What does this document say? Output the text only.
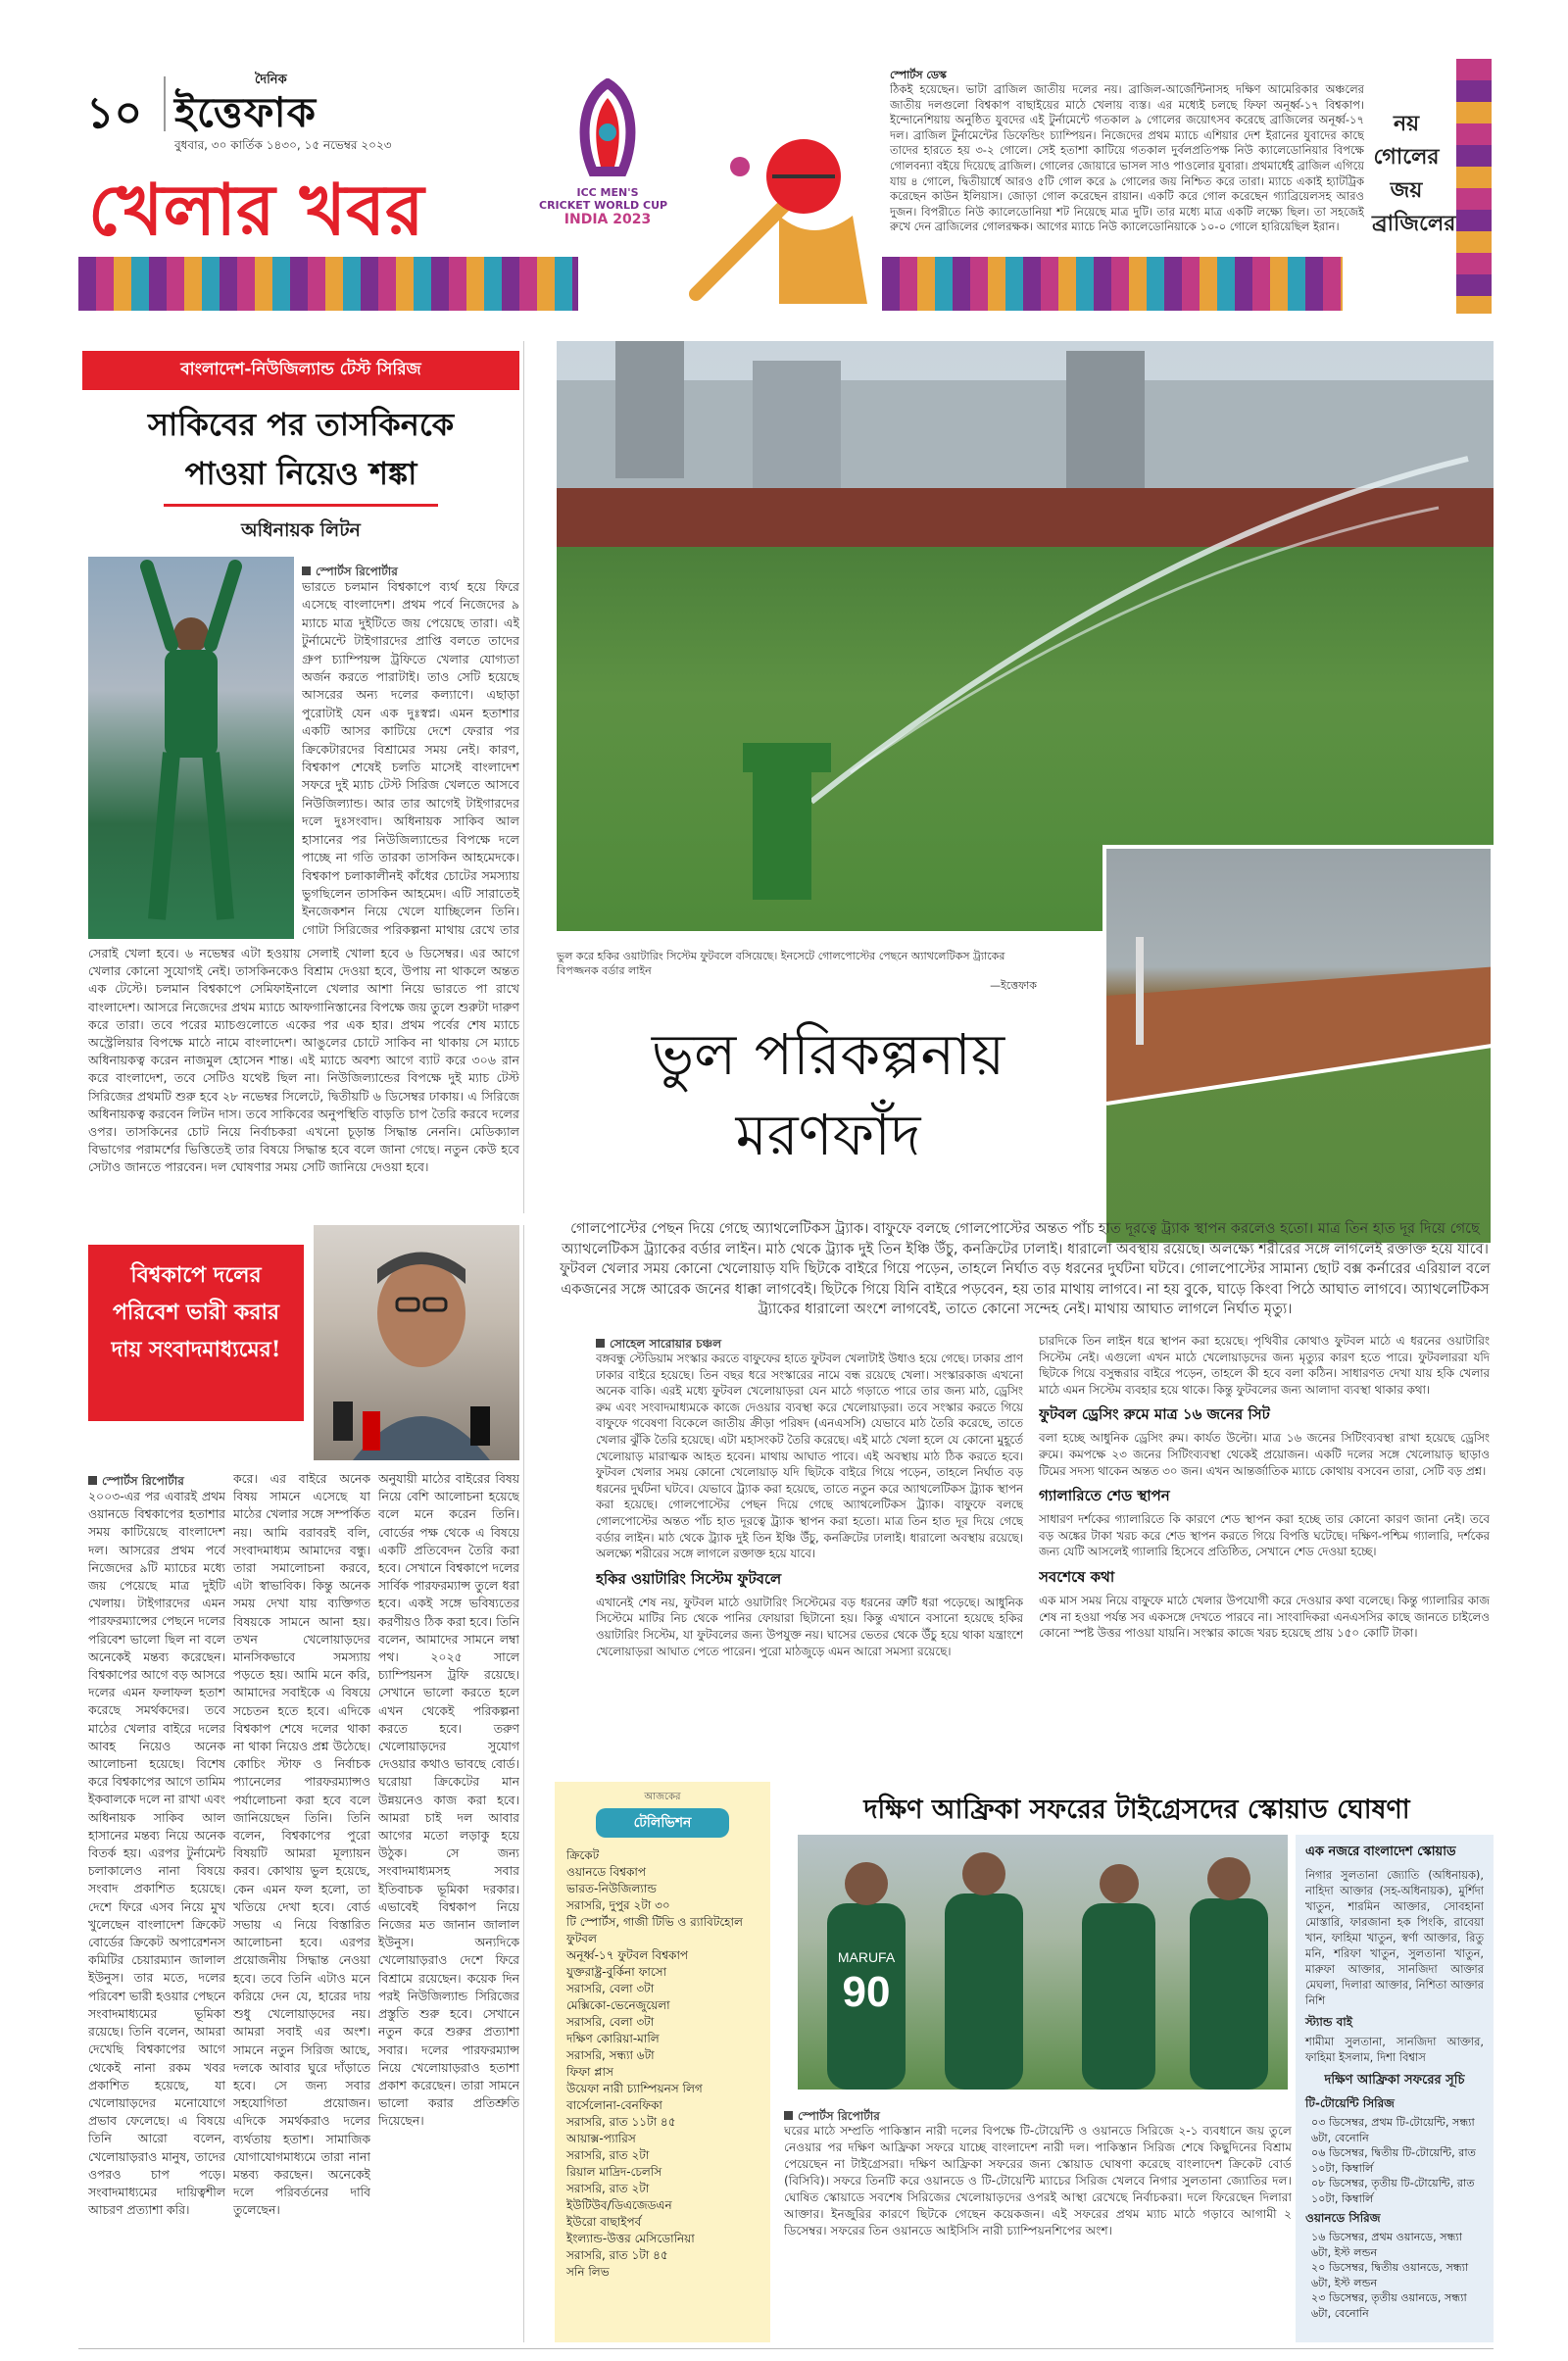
১০
দৈনিক
ইত্তেফাক
বুধবার, ৩০ কার্তিক ১৪৩০, ১৫ নভেম্বর ২০২৩
খেলার খবর	ICC MEN'S
CRICKET WORLD CUP
INDIA 2023
স্পোর্টস ডেস্ক

ঠিকই হয়েছেন। ভাটা ব্রাজিল জাতীয় দলের নয়। ব্রাজিল-আর্জেন্টিনাসহ দক্ষিণ আমেরিকার অঞ্চলের জাতীয় দলগুলো বিশ্বকাপ বাছাইয়ের মাঠে খেলায় ব্যস্ত। এর মধ্যেই চলছে ফিফা অনূর্ধ্ব-১৭ বিশ্বকাপ। ইন্দোনেশিয়ায় অনুষ্ঠিত যুবদের এই টুর্নামেন্টে গতকাল ৯ গোলের জয়োৎসব করেছে ব্রাজিলের অনূর্ধ্ব-১৭ দল। ব্রাজিল টুর্নামেন্টের ডিফেন্ডিং চ্যাম্পিয়ন। নিজেদের প্রথম ম্যাচে এশিয়ার দেশ ইরানের যুবাদের কাছে তাদের হারতে হয় ৩-২ গোলে। সেই হতাশা কাটিয়ে গতকাল দুর্বলপ্রতিপক্ষ নিউ ক্যালেডোনিয়ার বিপক্ষে গোলবন্যা বইয়ে দিয়েছে ব্রাজিল। গোলের জোয়ারে ভাসল সাও পাওলোর যুবারা। প্রথমার্ধেই ব্রাজিল এগিয়ে যায় ৪ গোলে, দ্বিতীয়ার্ধে আরও ৫টি গোল করে ৯ গোলের জয় নিশ্চিত করে তারা। ম্যাচে একাই হ্যাটট্রিক করেছেন কাউন ইলিয়াস। জোড়া গোল করেছেন রায়ান। একটি করে গোল করেছেন গ্যাব্রিয়েলসহ আরও দুজন। বিপরীতে নিউ ক্যালেডোনিয়া শট নিয়েছে মাত্র দুটি। তার মধ্যে মাত্র একটি লক্ষ্যে ছিল। তা সহজেই রুখে দেন ব্রাজিলের গোলরক্ষক। আগের ম্যাচে নিউ ক্যালেডোনিয়াকে ১০-০ গোলে হারিয়েছিল ইরান।

নয়
গোলের
জয়
ব্রাজিলের
বাংলাদেশ-নিউজিল্যান্ড টেস্ট সিরিজ
সাকিবের পর তাসকিনকে
পাওয়া নিয়েও শঙ্কা
অধিনায়ক লিটন
স্পোর্টস রিপোর্টার

ভারতে চলমান বিশ্বকাপে ব্যর্থ হয়ে ফিরে এসেছে বাংলাদেশ। প্রথম পর্বে নিজেদের ৯ ম্যাচে মাত্র দুইটিতে জয় পেয়েছে তারা। এই টুর্নামেন্টে টাইগারদের প্রাপ্তি বলতে তাদের গ্রুপ চ্যাম্পিয়ন্স ট্রফিতে খেলার যোগ্যতা অর্জন করতে পারাটাই। তাও সেটি হয়েছে আসরের অন্য দলের কল্যাণে। এছাড়া পুরোটাই যেন এক দুঃস্বপ্ন। এমন হতাশার একটি আসর কাটিয়ে দেশে ফেরার পর ক্রিকেটারদের বিশ্রামের সময় নেই। কারণ, বিশ্বকাপ শেষেই চলতি মাসেই বাংলাদেশ সফরে দুই ম্যাচ টেস্ট সিরিজ খেলতে আসবে নিউজিল্যান্ড। আর তার আগেই টাইগারদের দলে দুঃসংবাদ। অধিনায়ক সাকিব আল হাসানের পর নিউজিল্যান্ডের বিপক্ষে দলে পাচ্ছে না গতি তারকা তাসকিন আহমেদকে। বিশ্বকাপ চলাকালীনই কাঁধের চোটের সমস্যায় ভুগছিলেন তাসকিন আহমেদ। এটি সারাতেই ইনজেকশন নিয়ে খেলে যাচ্ছিলেন তিনি। গোটা সিরিজের পরিকল্পনা মাথায় রেখে তার

সেরাই খেলা হবে। ৬ নভেম্বর এটা হওয়ায় সেলাই খোলা হবে ৬ ডিসেম্বর। এর আগে খেলার কোনো সুযোগই নেই। তাসকিনকেও বিশ্রাম দেওয়া হবে, উপায় না থাকলে অন্তত এক টেস্টে। চলমান বিশ্বকাপে সেমিফাইনালে খেলার আশা নিয়ে ভারতে পা রাখে বাংলাদেশ। আসরে নিজেদের প্রথম ম্যাচে আফগানিস্তানের বিপক্ষে জয় তুলে শুরুটা দারুণ করে তারা। তবে পরের ম্যাচগুলোতে একের পর এক হার। প্রথম পর্বের শেষ ম্যাচে অস্ট্রেলিয়ার বিপক্ষে মাঠে নামে বাংলাদেশ। আঙুলের চোটে সাকিব না থাকায় সে ম্যাচে অধিনায়কত্ব করেন নাজমুল হোসেন শান্ত। এই ম্যাচে অবশ্য আগে ব্যাট করে ৩০৬ রান করে বাংলাদেশ, তবে সেটিও যথেষ্ট ছিল না। নিউজিল্যান্ডের বিপক্ষে দুই ম্যাচ টেস্ট সিরিজের প্রথমটি শুরু হবে ২৮ নভেম্বর সিলেটে, দ্বিতীয়টি ৬ ডিসেম্বর ঢাকায়। এ সিরিজে অধিনায়কত্ব করবেন লিটন দাস। তবে সাকিবের অনুপস্থিতি বাড়তি চাপ তৈরি করবে দলের ওপর। তাসকিনের চোট নিয়ে নির্বাচকরা এখনো চূড়ান্ত সিদ্ধান্ত নেননি। মেডিক্যাল বিভাগের পরামর্শের ভিত্তিতেই তার বিষয়ে সিদ্ধান্ত হবে বলে জানা গেছে। নতুন কেউ হবে সেটাও জানতে পারবেন। দল ঘোষণার সময় সেটি জানিয়ে দেওয়া হবে।

বিশ্বকাপে দলের পরিবেশ ভারী করার দায় সংবাদমাধ্যমের!
স্পোর্টস রিপোর্টার

২০০৩-এর পর এবারই প্রথম ওয়ানডে বিশ্বকাপের হতাশার সময় কাটিয়েছে বাংলাদেশ দল। আসরের প্রথম পর্বে নিজেদের ৯টি ম্যাচের মধ্যে জয় পেয়েছে মাত্র দুইটি খেলায়। টাইগারদের এমন পারফরম্যান্সের পেছনে দলের পরিবেশ ভালো ছিল না বলে অনেকেই মন্তব্য করেছেন। বিশ্বকাপের আগে বড় আসরে দলের এমন ফলাফল হতাশ করেছে সমর্থকদের। তবে মাঠের খেলার বাইরে দলের আবহ নিয়েও অনেক আলোচনা হয়েছে। বিশেষ করে বিশ্বকাপের আগে তামিম ইকবালকে দলে না রাখা এবং অধিনায়ক সাকিব আল হাসানের মন্তব্য নিয়ে অনেক বিতর্ক হয়। এরপর টুর্নামেন্ট চলাকালেও নানা বিষয়ে সংবাদ প্রকাশিত হয়েছে। দেশে ফিরে এসব নিয়ে মুখ খুলেছেন বাংলাদেশ ক্রিকেট বোর্ডের ক্রিকেট অপারেশনস কমিটির চেয়ারম্যান জালাল ইউনুস। তার মতে, দলের পরিবেশ ভারী হওয়ার পেছনে সংবাদমাধ্যমের ভূমিকা রয়েছে। তিনি বলেন, আমরা দেখেছি বিশ্বকাপের আগে থেকেই নানা রকম খবর প্রকাশিত হয়েছে, যা খেলোয়াড়দের মনোযোগে প্রভাব ফেলেছে। এ বিষয়ে তিনি আরো বলেন, খেলোয়াড়রাও মানুষ, তাদের ওপরও চাপ পড়ে। সংবাদমাধ্যমের দায়িত্বশীল আচরণ প্রত্যাশা করি।

করে। এর বাইরে অনেক বিষয় সামনে এসেছে যা মাঠের খেলার সঙ্গে সম্পর্কিত নয়। আমি বরাবরই বলি, সংবাদমাধ্যম আমাদের বন্ধু। তারা সমালোচনা করবে, এটা স্বাভাবিক। কিন্তু অনেক সময় দেখা যায় ব্যক্তিগত বিষয়কে সামনে আনা হয়। তখন খেলোয়াড়দের মানসিকভাবে সমস্যায় পড়তে হয়। আমি মনে করি, আমাদের সবাইকে এ বিষয়ে সচেতন হতে হবে। এদিকে বিশ্বকাপ শেষে দলের থাকা না থাকা নিয়েও প্রশ্ন উঠেছে। কোচিং স্টাফ ও নির্বাচক প্যানেলের পারফরম্যান্সও পর্যালোচনা করা হবে বলে জানিয়েছেন তিনি। তিনি বলেন, বিশ্বকাপের পুরো বিষয়টি আমরা মূল্যায়ন করব। কোথায় ভুল হয়েছে, কেন এমন ফল হলো, তা খতিয়ে দেখা হবে। বোর্ড সভায় এ নিয়ে বিস্তারিত আলোচনা হবে। এরপর প্রয়োজনীয় সিদ্ধান্ত নেওয়া হবে। তবে তিনি এটাও মনে করিয়ে দেন যে, হারের দায় শুধু খেলোয়াড়দের নয়। আমরা সবাই এর অংশ। সামনে নতুন সিরিজ আছে, দলকে আবার ঘুরে দাঁড়াতে হবে। সে জন্য সবার সহযোগিতা প্রয়োজন। এদিকে সমর্থকরাও দলের ব্যর্থতায় হতাশ। সামাজিক যোগাযোগমাধ্যমে তারা নানা মন্তব্য করছেন। অনেকেই দলে পরিবর্তনের দাবি তুলেছেন।

অনুযায়ী মাঠের বাইরের বিষয় নিয়ে বেশি আলোচনা হয়েছে বলে মনে করেন তিনি। বোর্ডের পক্ষ থেকে এ বিষয়ে একটি প্রতিবেদন তৈরি করা হবে। সেখানে বিশ্বকাপে দলের সার্বিক পারফরম্যান্স তুলে ধরা হবে। একই সঙ্গে ভবিষ্যতের করণীয়ও ঠিক করা হবে। তিনি বলেন, আমাদের সামনে লম্বা পথ। ২০২৫ সালে চ্যাম্পিয়নস ট্রফি রয়েছে। সেখানে ভালো করতে হলে এখন থেকেই পরিকল্পনা করতে হবে। তরুণ খেলোয়াড়দের সুযোগ দেওয়ার কথাও ভাবছে বোর্ড। ঘরোয়া ক্রিকেটের মান উন্নয়নেও কাজ করা হবে। আমরা চাই দল আবার আগের মতো লড়াকু হয়ে উঠুক। সে জন্য সংবাদমাধ্যমসহ সবার ইতিবাচক ভূমিকা দরকার। এভাবেই বিশ্বকাপ নিয়ে নিজের মত জানান জালাল ইউনুস। অন্যদিকে খেলোয়াড়রাও দেশে ফিরে বিশ্রামে রয়েছেন। কয়েক দিন পরই নিউজিল্যান্ড সিরিজের প্রস্তুতি শুরু হবে। সেখানে নতুন করে শুরুর প্রত্যাশা সবার। দলের পারফরম্যান্স নিয়ে খেলোয়াড়রাও হতাশা প্রকাশ করেছেন। তারা সামনে ভালো করার প্রতিশ্রুতি দিয়েছেন।

ভুল করে হকির ওয়াটারিং সিস্টেম ফুটবলে বসিয়েছে। ইনসেটে গোলপোস্টের পেছনে অ্যাথলেটিকস ট্র্যাকের বিপজ্জনক বর্ডার লাইন
—ইত্তেফাক
ভুল পরিকল্পনায়
মরণফাঁদ

গোলপোস্টের পেছন দিয়ে গেছে অ্যাথলেটিকস ট্র্যাক। বাফুফে বলছে গোলপোস্টের অন্তত পাঁচ হাত দূরত্বে ট্র্যাক স্থাপন করলেও হতো। মাত্র তিন হাত দূর দিয়ে গেছে অ্যাথলেটিকস ট্র্যাকের বর্ডার লাইন। মাঠ থেকে ট্র্যাক দুই তিন ইঞ্চি উঁচু, কনক্রিটের ঢালাই। ধারালো অবস্থায় রয়েছে। অলক্ষ্যে শরীরের সঙ্গে লাগলেই রক্তাক্ত হয়ে যাবে। ফুটবল খেলার সময় কোনো খেলোয়াড় যদি ছিটকে বাইরে গিয়ে পড়েন, তাহলে নির্ঘাত বড় ধরনের দুর্ঘটনা ঘটবে। গোলপোস্টের সামান্য ছোট বক্স কর্নারের এরিয়াল বলে একজনের সঙ্গে আরেক জনের ধাক্কা লাগবেই। ছিটকে গিয়ে যিনি বাইরে পড়বেন, হয় তার মাথায় লাগবে। না হয় বুকে, ঘাড়ে কিংবা পিঠে আঘাত লাগবে। অ্যাথলেটিকস ট্র্যাকের ধারালো অংশে লাগবেই, তাতে কোনো সন্দেহ নেই। মাথায় আঘাত লাগলে নির্ঘাত মৃত্যু।

সোহেল সারোয়ার চঞ্চল

বঙ্গবন্ধু স্টেডিয়াম সংস্কার করতে বাফুফের হাতে ফুটবল খেলাটাই উধাও হয়ে গেছে। ঢাকার প্রাণ ঢাকার বাইরে হয়েছে। তিন বছর ধরে সংস্কারের নামে বন্ধ রয়েছে খেলা। সংস্কারকাজ এখনো অনেক বাকি। এরই মধ্যে ফুটবল খেলোয়াড়রা যেন মাঠে গড়াতে পারে তার জন্য মাঠ, ড্রেসিং রুম এবং সংবাদমাধ্যমকে কাজে দেওয়ার ব্যবস্থা করে খেলোয়াড়রা। তবে সংস্কার করতে গিয়ে বাফুফে গবেষণা বিকেলে জাতীয় ক্রীড়া পরিষদ (এনএসসি) যেভাবে মাঠ তৈরি করেছে, তাতে খেলার ঝুঁকি তৈরি হয়েছে। এটা মহাসংকট তৈরি করেছে। এই মাঠে খেলা হলে যে কোনো মুহূর্তে খেলোয়াড় মারাত্মক আহত হবেন। মাথায় আঘাত পাবে। এই অবস্থায় মাঠ ঠিক করতে হবে। ফুটবল খেলার সময় কোনো খেলোয়াড় যদি ছিটকে বাইরে গিয়ে পড়েন, তাহলে নির্ঘাত বড় ধরনের দুর্ঘটনা ঘটবে। যেভাবে ট্র্যাক করা হয়েছে, তাতে নতুন করে অ্যাথলেটিকস ট্র্যাক স্থাপন করা হয়েছে। গোলপোস্টের পেছন দিয়ে গেছে অ্যাথলেটিকস ট্র্যাক। বাফুফে বলছে গোলপোস্টের অন্তত পাঁচ হাত দূরত্বে ট্র্যাক স্থাপন করা হতো। মাত্র তিন হাত দূর দিয়ে গেছে বর্ডার লাইন। মাঠ থেকে ট্র্যাক দুই তিন ইঞ্চি উঁচু, কনক্রিটের ঢালাই। ধারালো অবস্থায় রয়েছে। অলক্ষ্যে শরীরের সঙ্গে লাগলে রক্তাক্ত হয়ে যাবে।

হকির ওয়াটারিং সিস্টেম ফুটবলে

এখানেই শেষ নয়, ফুটবল মাঠে ওয়াটারিং সিস্টেমের বড় ধরনের ত্রুটি ধরা পড়েছে। আধুনিক সিস্টেমে মাটির নিচ থেকে পানির ফোয়ারা ছিটানো হয়। কিন্তু এখানে বসানো হয়েছে হকির ওয়াটারিং সিস্টেম, যা ফুটবলের জন্য উপযুক্ত নয়। ঘাসের ভেতর থেকে উঁচু হয়ে থাকা যন্ত্রাংশে খেলোয়াড়রা আঘাত পেতে পারেন। পুরো মাঠজুড়ে এমন আরো সমস্যা রয়েছে।

চারদিকে তিন লাইন ধরে স্থাপন করা হয়েছে। পৃথিবীর কোথাও ফুটবল মাঠে এ ধরনের ওয়াটারিং সিস্টেম নেই। এগুলো এখন মাঠে খেলোয়াড়দের জন্য মৃত্যুর কারণ হতে পারে। ফুটবলাররা যদি ছিটকে গিয়ে বসুন্ধরার বাইরে পড়েন, তাহলে কী হবে বলা কঠিন। সাধারণত দেখা যায় হকি খেলার মাঠে এমন সিস্টেম ব্যবহার হয়ে থাকে। কিন্তু ফুটবলের জন্য আলাদা ব্যবস্থা থাকার কথা।

ফুটবল ড্রেসিং রুমে মাত্র ১৬ জনের সিট

বলা হচ্ছে আধুনিক ড্রেসিং রুম। কার্যত উল্টো। মাত্র ১৬ জনের সিটিংব্যবস্থা রাখা হয়েছে ড্রেসিং রুমে। কমপক্ষে ২৩ জনের সিটিংব্যবস্থা থেকেই প্রয়োজন। একটি দলের সঙ্গে খেলোয়াড় ছাড়াও টিমের সদস্য থাকেন অন্তত ৩০ জন। এখন আন্তর্জাতিক ম্যাচে কোথায় বসবেন তারা, সেটি বড় প্রশ্ন।

গ্যালারিতে শেড স্থাপন

সাধারণ দর্শকের গ্যালারিতে কি কারণে শেড স্থাপন করা হচ্ছে তার কোনো কারণ জানা নেই। তবে বড় অঙ্কের টাকা খরচ করে শেড স্থাপন করতে গিয়ে বিপত্তি ঘটেছে। দক্ষিণ-পশ্চিম গ্যালারি, দর্শকের জন্য যেটি আসলেই গ্যালারি হিসেবে প্রতিষ্ঠিত, সেখানে শেড দেওয়া হচ্ছে।

সবশেষে কথা

এক মাস সময় নিয়ে বাফুফে মাঠে খেলার উপযোগী করে দেওয়ার কথা বলেছে। কিন্তু গ্যালারির কাজ শেষ না হওয়া পর্যন্ত সব একসঙ্গে দেখতে পারবে না। সাংবাদিকরা এনএসসির কাছে জানতে চাইলেও কোনো স্পষ্ট উত্তর পাওয়া যায়নি। সংস্কার কাজে খরচ হয়েছে প্রায় ১৫০ কোটি টাকা।

আজকের
টেলিভিশন
ক্রিকেট
ওয়ানডে বিশ্বকাপ
ভারত-নিউজিল্যান্ড
সরাসরি, দুপুর ২টা ৩০
টি স্পোর্টস, গাজী টিভি ও র‍্যাবিটহোল
ফুটবল
অনূর্ধ্ব-১৭ ফুটবল বিশ্বকাপ
যুক্তরাষ্ট্র-বুর্কিনা ফাসো
সরাসরি, বেলা ৩টা
মেক্সিকো-ভেনেজুয়েলা
সরাসরি, বেলা ৩টা
দক্ষিণ কোরিয়া-মালি
সরাসরি, সন্ধ্যা ৬টা
ফিফা প্লাস
উয়েফা নারী চ্যাম্পিয়নস লিগ
বার্সেলোনা-বেনফিকা
সরাসরি, রাত ১১টা ৪৫
আয়াক্স-প্যারিস
সরাসরি, রাত ২টা
রিয়াল মাদ্রিদ-চেলসি
সরাসরি, রাত ২টা
ইউটিউব/ডিএজেডএন
ইউরো বাছাইপর্ব
ইংল্যান্ড-উত্তর মেসিডোনিয়া
সরাসরি, রাত ১টা ৪৫
সনি লিভ
দক্ষিণ আফ্রিকা সফরের টাইগ্রেসদের স্কোয়াড ঘোষণা
MARUFA
90
স্পোর্টস রিপোর্টার

ঘরের মাঠে সম্প্রতি পাকিস্তান নারী দলের বিপক্ষে টি-টোয়েন্টি ও ওয়ানডে সিরিজে ২-১ ব্যবধানে জয় তুলে নেওয়ার পর দক্ষিণ আফ্রিকা সফরে যাচ্ছে বাংলাদেশ নারী দল। পাকিস্তান সিরিজ শেষে কিছুদিনের বিশ্রাম পেয়েছেন না টাইগ্রেসরা। দক্ষিণ আফ্রিকা সফরের জন্য স্কোয়াড ঘোষণা করেছে বাংলাদেশ ক্রিকেট বোর্ড (বিসিবি)। সফরে তিনটি করে ওয়ানডে ও টি-টোয়েন্টি ম্যাচের সিরিজ খেলবে নিগার সুলতানা জ্যোতির দল। ঘোষিত স্কোয়াডে সবশেষ সিরিজের খেলোয়াড়দের ওপরই আস্থা রেখেছে নির্বাচকরা। দলে ফিরেছেন দিলারা আক্তার। ইনজুরির কারণে ছিটকে গেছেন কয়েকজন। এই সফরের প্রথম ম্যাচ মাঠে গড়াবে আগামী ২ ডিসেম্বর। সফরের তিন ওয়ানডে আইসিসি নারী চ্যাম্পিয়নশিপের অংশ।

এক নজরে বাংলাদেশ স্কোয়াড

নিগার সুলতানা জ্যোতি (অধিনায়ক), নাহিদা আক্তার (সহ-অধিনায়ক), মুর্শিদা খাতুন, শারমিন আক্তার, সোবহানা মোস্তারি, ফারজানা হক পিংকি, রাবেয়া খান, ফাহিমা খাতুন, স্বর্ণা আক্তার, রিতু মনি, শরিফা খাতুন, সুলতানা খাতুন, মারুফা আক্তার, সানজিদা আক্তার মেঘলা, দিলারা আক্তার, নিশিতা আক্তার নিশি

স্ট্যান্ড বাই

শামীমা সুলতানা, সানজিদা আক্তার, ফাহিমা ইসলাম, দিশা বিশ্বাস

দক্ষিণ আফ্রিকা সফরের সূচি
টি-টোয়েন্টি সিরিজ
০৩ ডিসেম্বর, প্রথম টি-টোয়েন্টি, সন্ধ্যা ৬টা, বেনোনি
০৬ ডিসেম্বর, দ্বিতীয় টি-টোয়েন্টি, রাত ১০টা, কিম্বার্লি
০৮ ডিসেম্বর, তৃতীয় টি-টোয়েন্টি, রাত ১০টা, কিম্বার্লি
ওয়ানডে সিরিজ
১৬ ডিসেম্বর, প্রথম ওয়ানডে, সন্ধ্যা ৬টা, ইস্ট লন্ডন
২০ ডিসেম্বর, দ্বিতীয় ওয়ানডে, সন্ধ্যা ৬টা, ইস্ট লন্ডন
২৩ ডিসেম্বর, তৃতীয় ওয়ানডে, সন্ধ্যা ৬টা, বেনোনি
